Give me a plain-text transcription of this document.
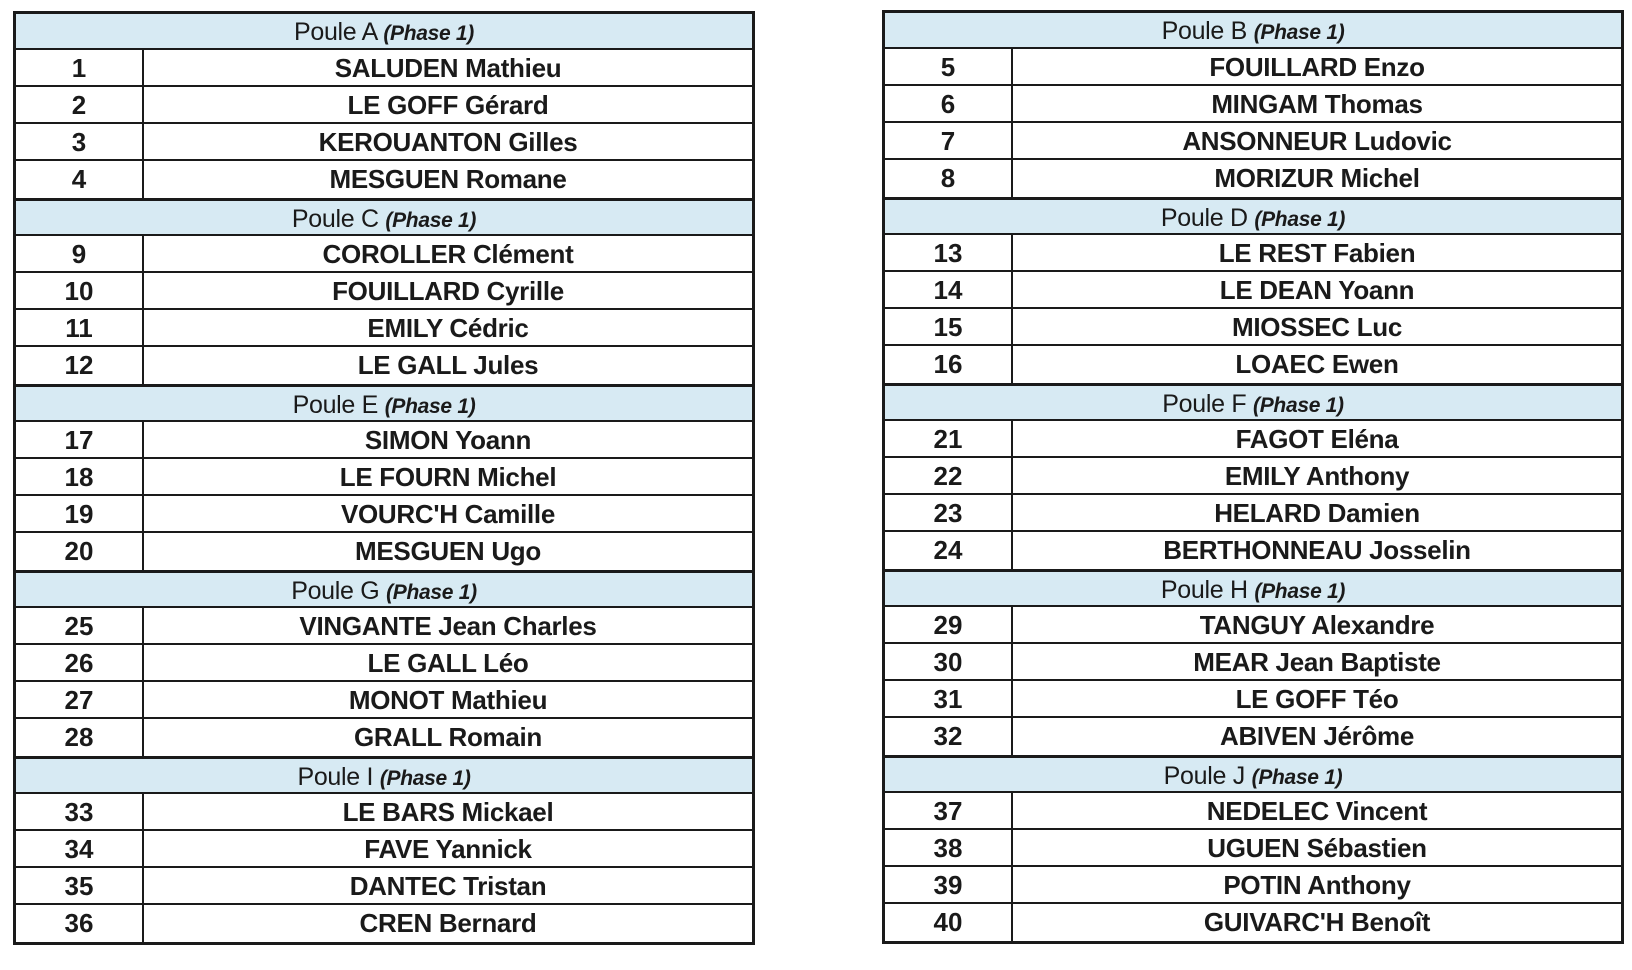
Poule A (Phase 1)
1	SALUDEN Mathieu
2	LE GOFF Gérard
3	KEROUANTON Gilles
4	MESGUEN Romane
Poule C (Phase 1)
9	COROLLER Clément
10	FOUILLARD Cyrille
11	EMILY Cédric
12	LE GALL Jules
Poule E (Phase 1)
17	SIMON Yoann
18	LE FOURN Michel
19	VOURC'H Camille
20	MESGUEN Ugo
Poule G (Phase 1)
25	VINGANTE Jean Charles
26	LE GALL Léo
27	MONOT Mathieu
28	GRALL Romain
Poule I (Phase 1)
33	LE BARS Mickael
34	FAVE Yannick
35	DANTEC Tristan
36	CREN Bernard
Poule B (Phase 1)
5	FOUILLARD Enzo
6	MINGAM Thomas
7	ANSONNEUR Ludovic
8	MORIZUR Michel
Poule D (Phase 1)
13	LE REST Fabien
14	LE DEAN Yoann
15	MIOSSEC Luc
16	LOAEC Ewen
Poule F (Phase 1)
21	FAGOT Eléna
22	EMILY Anthony
23	HELARD Damien
24	BERTHONNEAU Josselin
Poule H (Phase 1)
29	TANGUY Alexandre
30	MEAR Jean Baptiste
31	LE GOFF Téo
32	ABIVEN Jérôme
Poule J (Phase 1)
37	NEDELEC Vincent
38	UGUEN Sébastien
39	POTIN Anthony
40	GUIVARC'H Benoît
